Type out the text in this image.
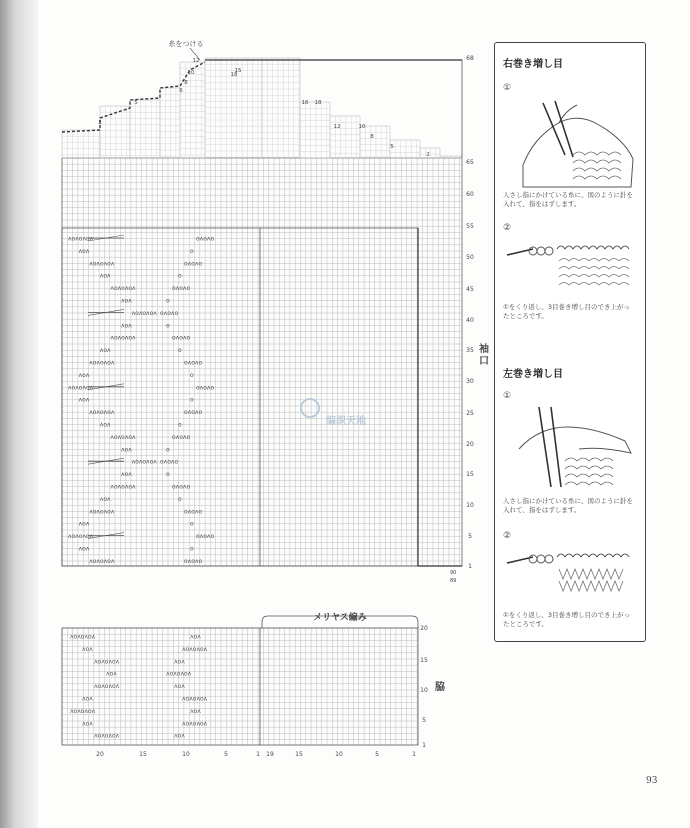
ʌoʌoʌoʌ	oʌoʌo
ʌoʌ	o
ʌoʌoʌoʌ	oʌoʌo
ʌoʌ	o
ʌoʌoʌoʌ	oʌoʌo
ʌoʌ	o
ʌoʌoʌoʌ oʌoʌo
ʌoʌ	o
ʌoʌoʌoʌ	oʌoʌo
ʌoʌ	o
ʌoʌoʌoʌ	oʌoʌo
ʌoʌ	o
ʌoʌoʌoʌ	oʌoʌo
ʌoʌ	o
ʌoʌoʌoʌ	oʌoʌo
ʌoʌ	o
ʌoʌoʌoʌ	oʌoʌo
ʌoʌ	o
ʌoʌoʌoʌ oʌoʌo
ʌoʌ	o
ʌoʌoʌoʌ	oʌoʌo
ʌoʌ	o
ʌoʌoʌoʌ	oʌoʌo
ʌoʌ	o
ʌoʌoʌoʌ	oʌoʌo
ʌoʌ	o
ʌoʌoʌoʌ	oʌoʌo
ʌoʌoʌoʌ	ʌoʌ
ʌoʌ	ʌoʌoʌoʌ
ʌoʌoʌoʌ	ʌoʌ
ʌoʌ	ʌoʌoʌoʌ
ʌoʌoʌoʌ	ʌoʌ
ʌoʌ	ʌoʌoʌoʌ
ʌoʌoʌoʌ	ʌoʌ
ʌoʌ	ʌoʌoʌoʌ
ʌoʌoʌoʌ	ʌoʌ
65
60
55
50
45
40
35
30
25
20
15
10
5
1
68
12
10
8
6
5
2
18
15
16 18
12	10
8
5
2
糸をつける
袖
口
90
89
编织天地
メリヤス編み
20
15
10
5
1
脇
20	15	10	5	1 19	15	10	5	1
右巻き増し目
①
人さし指にかけている糸に、図のように針を入れて、指をはずします。
②
①をくり返し、3目巻き増し目のでき上がったところです。
左巻き増し目
①
人さし指にかけている糸に、図のように針を入れて、指をはずします。
②
①をくり返し、3目巻き増し目のでき上がったところです。
93
